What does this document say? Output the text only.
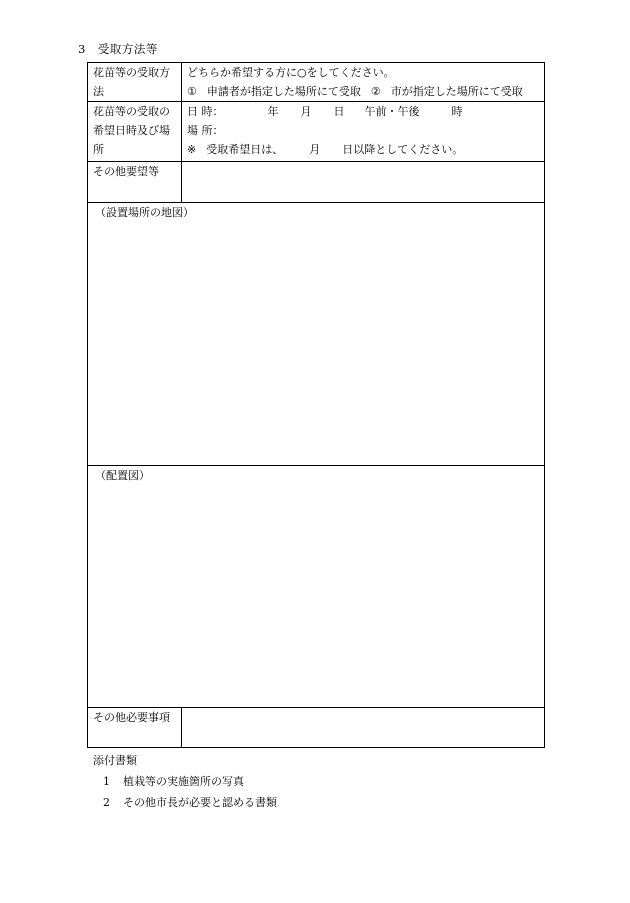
3 受取方法等
花苗等の受取方
法	どちらか希望する方に○をしてください。
① 申請者が指定した場所にて受取 ② 市が指定した場所にて受取

花苗等の受取の
希望日時及び場
所	日 時： 年 月 日 午前・午後 時
場 所：
※ 受取希望日は、 月 日以降としてください。

その他要望等	

（設置場所の地図）	

（配置図）	

その他必要事項	
添付書類
1 植栽等の実施箇所の写真
2 その他市長が必要と認める書類
